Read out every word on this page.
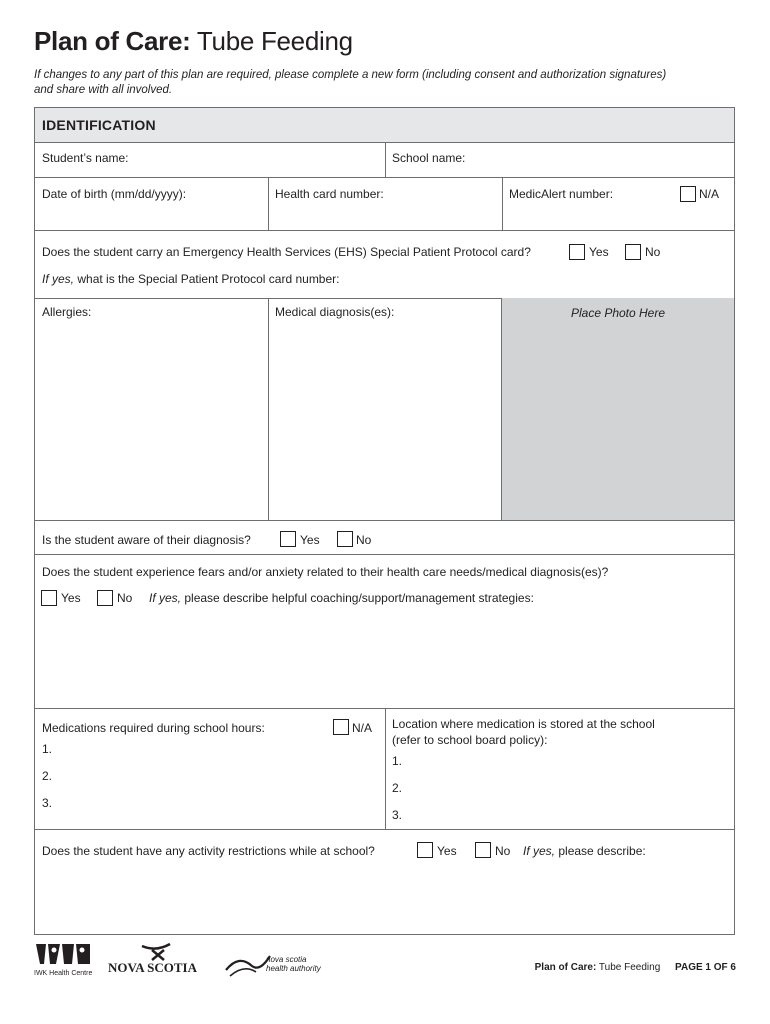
Plan of Care: Tube Feeding
If changes to any part of this plan are required, please complete a new form (including consent and authorization signatures)
and share with all involved.
IDENTIFICATION
Student’s name:	School name:
Date of birth (mm/dd/yyyy):	Health card number:	MedicAlert number:	N/A
Does the student carry an Emergency Health Services (EHS) Special Patient Protocol card?	Yes	No
If yes, what is the Special Patient Protocol card number:
Allergies:	Medical diagnosis(es):	Place Photo Here
Is the student aware of their diagnosis?	Yes	No
Does the student experience fears and/or anxiety related to their health care needs/medical diagnosis(es)?
Yes	No If yes, please describe helpful coaching/support/management strategies:
Medications required during school hours:	N/A
1.
2.
3.
Location where medication is stored at the school
(refer to school board policy):
1.
2.
3.
Does the student have any activity restrictions while at school?	Yes	No If yes, please describe:
IWK Health Centre NOVA SCOTIA
nova scotia
health authority	Plan of Care: Tube Feeding PAGE 1 OF 6
